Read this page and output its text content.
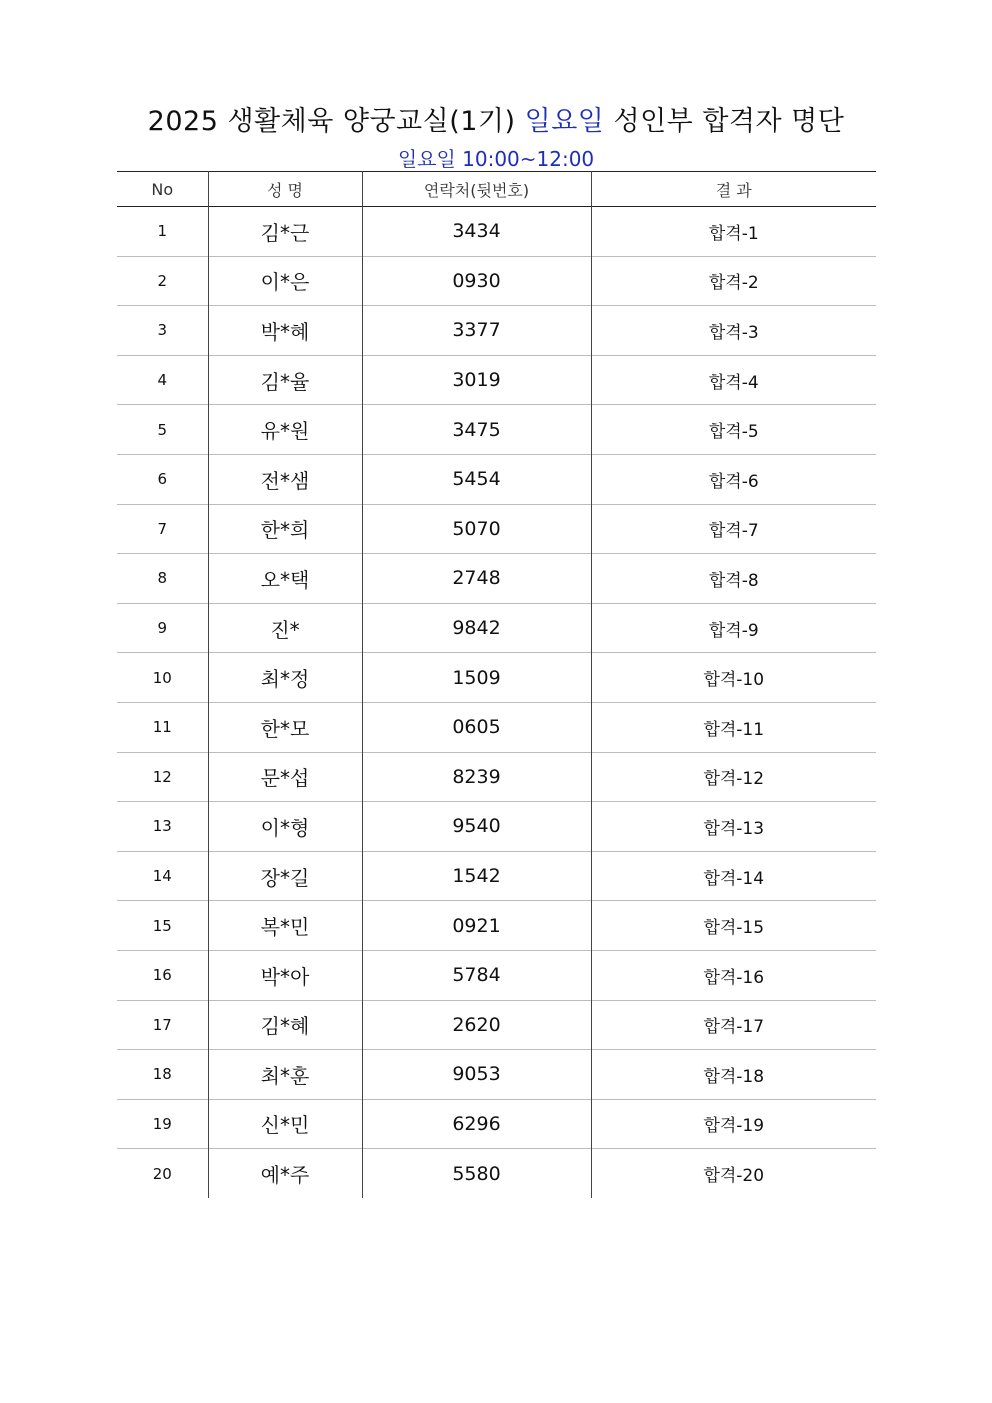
2025 생활체육 양궁교실(1기) 일요일 성인부 합격자 명단
일요일 10:00~12:00
No	성 명	연락처(뒷번호)	결 과
1	김*근	3434	합격-1
2	이*은	0930	합격-2
3	박*혜	3377	합격-3
4	김*율	3019	합격-4
5	유*원	3475	합격-5
6	전*샘	5454	합격-6
7	한*희	5070	합격-7
8	오*택	2748	합격-8
9	진*	9842	합격-9
10	최*정	1509	합격-10
11	한*모	0605	합격-11
12	문*섭	8239	합격-12
13	이*형	9540	합격-13
14	장*길	1542	합격-14
15	복*민	0921	합격-15
16	박*아	5784	합격-16
17	김*혜	2620	합격-17
18	최*훈	9053	합격-18
19	신*민	6296	합격-19
20	예*주	5580	합격-20
